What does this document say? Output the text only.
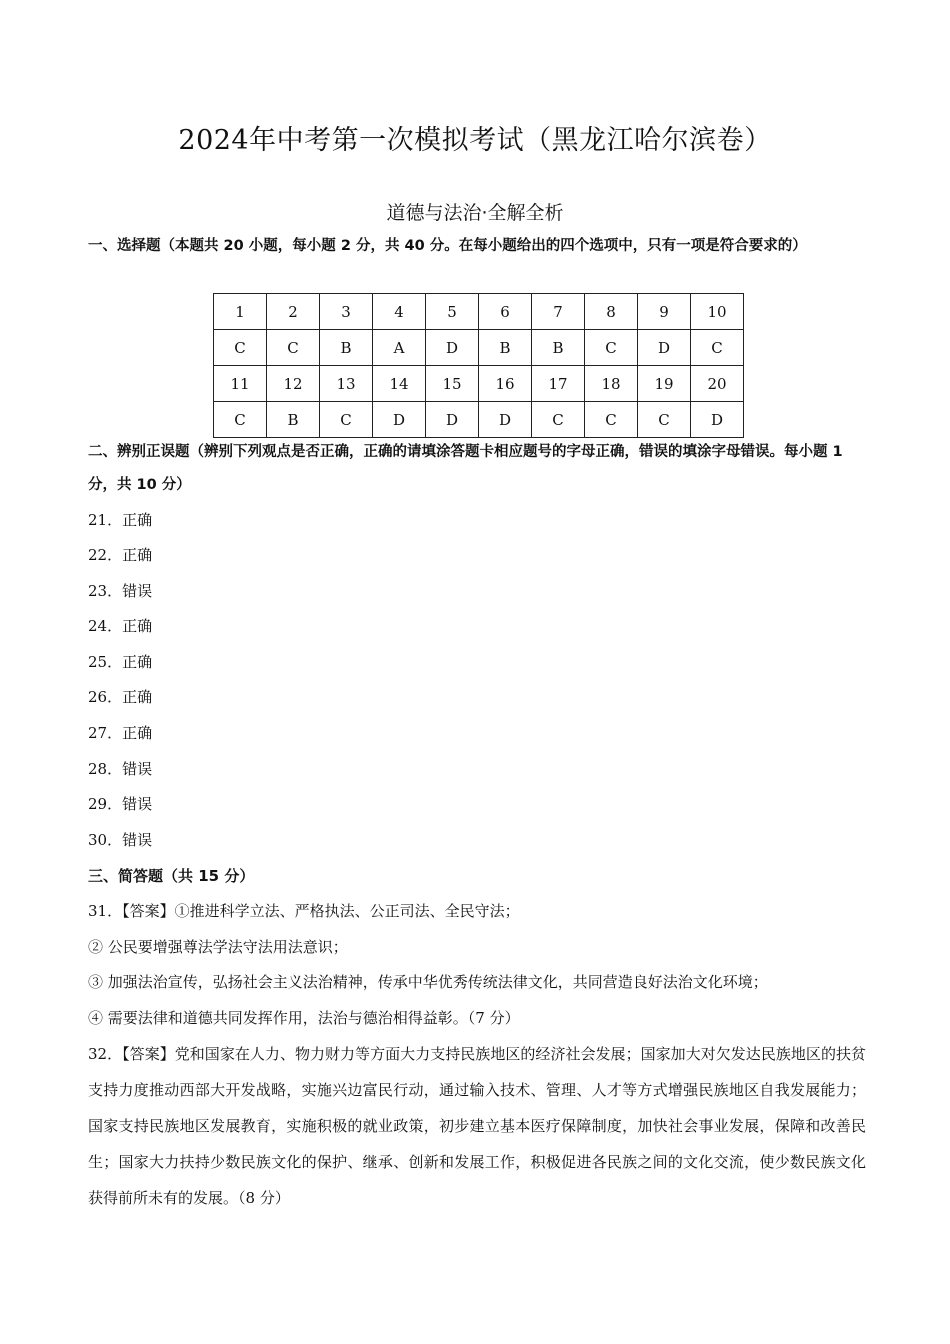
2024年中考第一次模拟考试（黑龙江哈尔滨卷）
道德与法治·全解全析
一、选择题（本题共 20 小题，每小题 2 分，共 40 分。在每小题给出的四个选项中，只有一项是符合要求的）
1	2	3	4	5	6	7	8	9	10
C	C	B	A	D	B	B	C	D	C
11	12	13	14	15	16	17	18	19	20
C	B	C	D	D	D	C	C	C	D
二、辨别正误题（辨别下列观点是否正确，正确的请填涂答题卡相应题号的字母正确，错误的填涂字母错误。每小题 1 分，共 10 分）
21．正确
22．正确
23．错误
24．正确
25．正确
26．正确
27．正确
28．错误
29．错误
30．错误
三、简答题（共 15 分）
31．【答案】①推进科学立法、严格执法、公正司法、全民守法；
② 公民要增强尊法学法守法用法意识；
③ 加强法治宣传，弘扬社会主义法治精神，传承中华优秀传统法律文化，共同营造良好法治文化环境；
④ 需要法律和道德共同发挥作用，法治与德治相得益彰。（7 分）
32．【答案】党和国家在人力、物力财力等方面大力支持民族地区的经济社会发展；国家加大对欠发达民族地区的扶贫支持力度推动西部大开发战略，实施兴边富民行动，通过输入技术、管理、人才等方式增强民族地区自我发展能力；国家支持民族地区发展教育，实施积极的就业政策，初步建立基本医疗保障制度，加快社会事业发展，保障和改善民生；国家大力扶持少数民族文化的保护、继承、创新和发展工作，积极促进各民族之间的文化交流，使少数民族文化获得前所未有的发展。（8 分）
